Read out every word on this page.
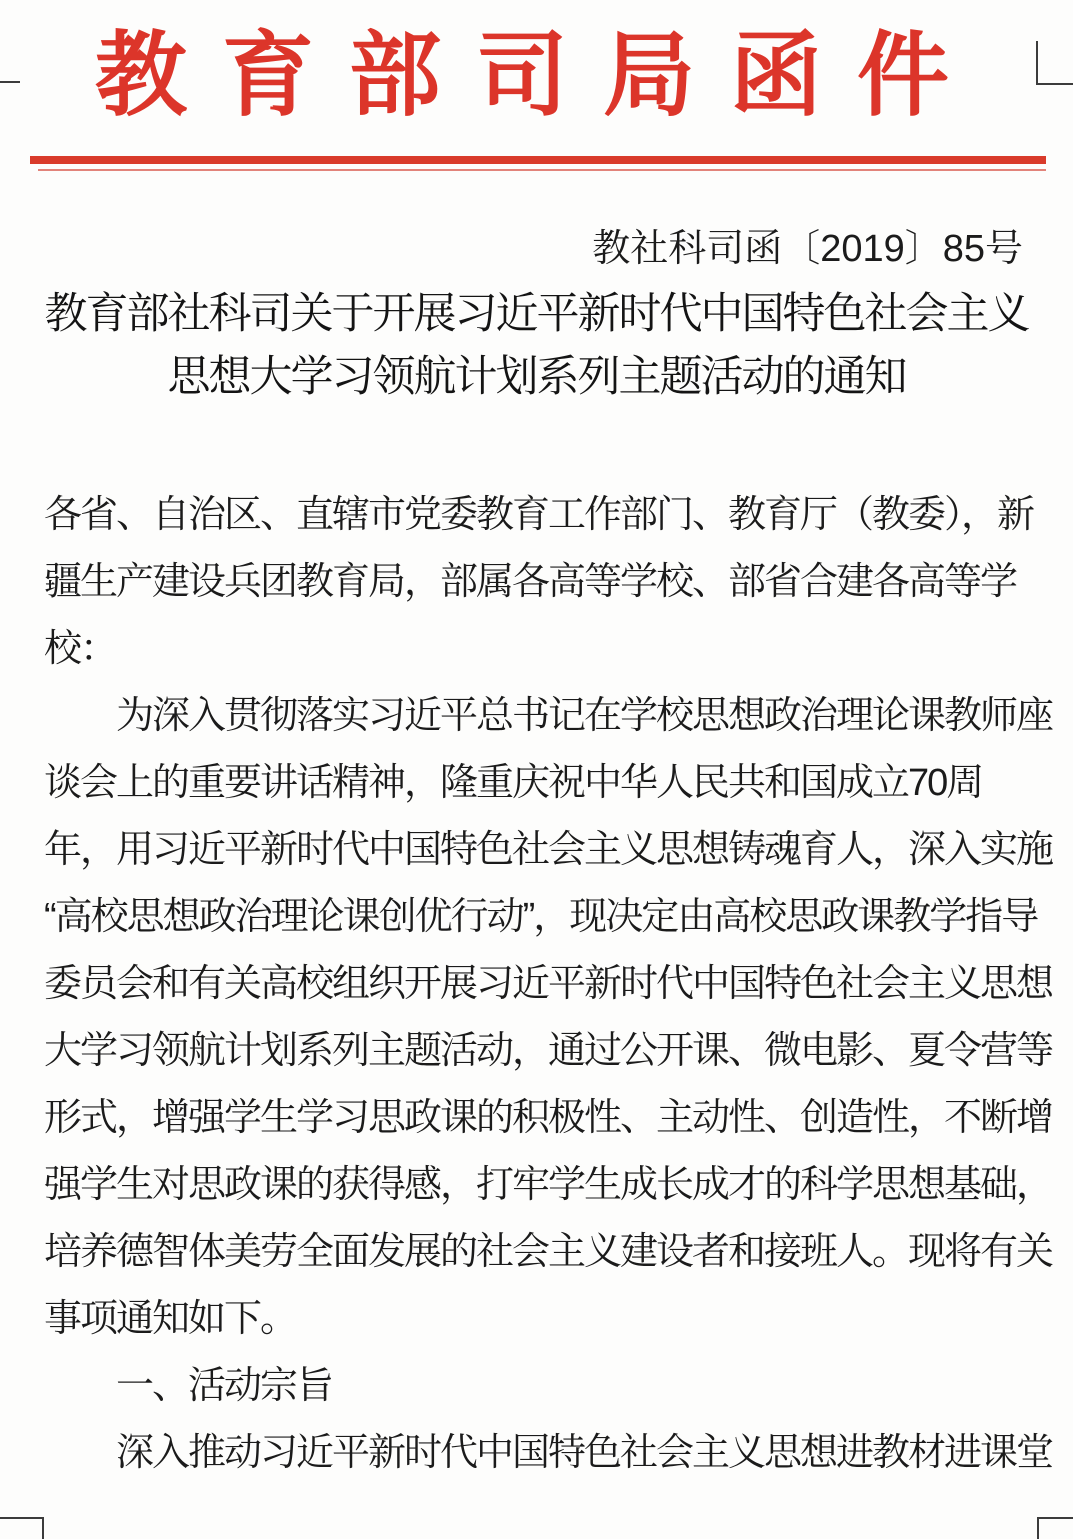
教育部司局函件
教社科司函〔2019〕85号
教育部社科司关于开展习近平新时代中国特色社会主义
思想大学习领航计划系列主题活动的通知
各省、自治区、直辖市党委教育工作部门、教育厅（教委），新
疆生产建设兵团教育局，部属各高等学校、部省合建各高等学
校：
为深入贯彻落实习近平总书记在学校思想政治理论课教师座
谈会上的重要讲话精神，隆重庆祝中华人民共和国成立70周
年，用习近平新时代中国特色社会主义思想铸魂育人，深入实施
“高校思想政治理论课创优行动”，现决定由高校思政课教学指导
委员会和有关高校组织开展习近平新时代中国特色社会主义思想
大学习领航计划系列主题活动，通过公开课、微电影、夏令营等
形式，增强学生学习思政课的积极性、主动性、创造性，不断增
强学生对思政课的获得感，打牢学生成长成才的科学思想基础，
培养德智体美劳全面发展的社会主义建设者和接班人。现将有关
事项通知如下。
一、活动宗旨
深入推动习近平新时代中国特色社会主义思想进教材进课堂
